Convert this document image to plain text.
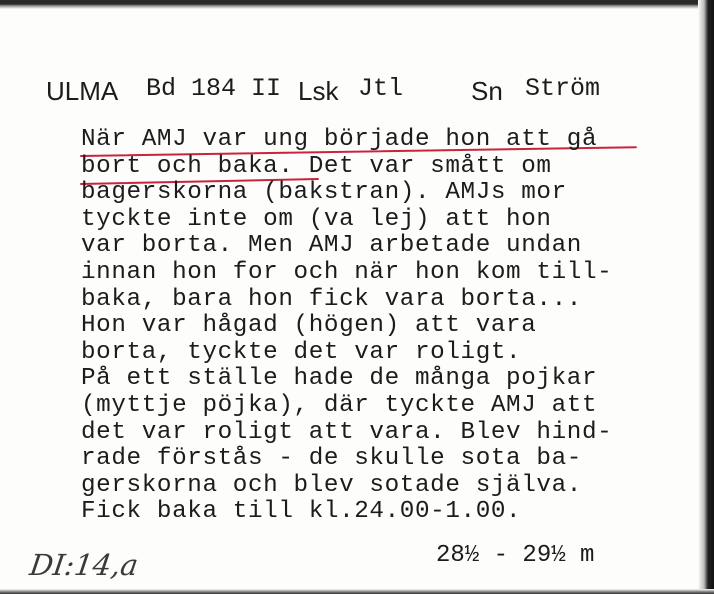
ULMA Bd 184 II Lsk Jtl	Sn Ström
När AMJ var ung började hon att gå
bort och baka. Det var smått om
bagerskorna (bakstran). AMJs mor
tyckte inte om (va lej) att hon
var borta. Men AMJ arbetade undan
innan hon for och när hon kom till-
baka, bara hon fick vara borta...
Hon var hågad (högen) att vara
borta, tyckte det var roligt.
På ett ställe hade de många pojkar
(myttje pöjka), där tyckte AMJ att
det var roligt att vara. Blev hind-
rade förstås - de skulle sota ba-
gerskorna och blev sotade själva.
Fick baka till kl.24.00-1.00.
28½ - 29½ m
DI:14,a
